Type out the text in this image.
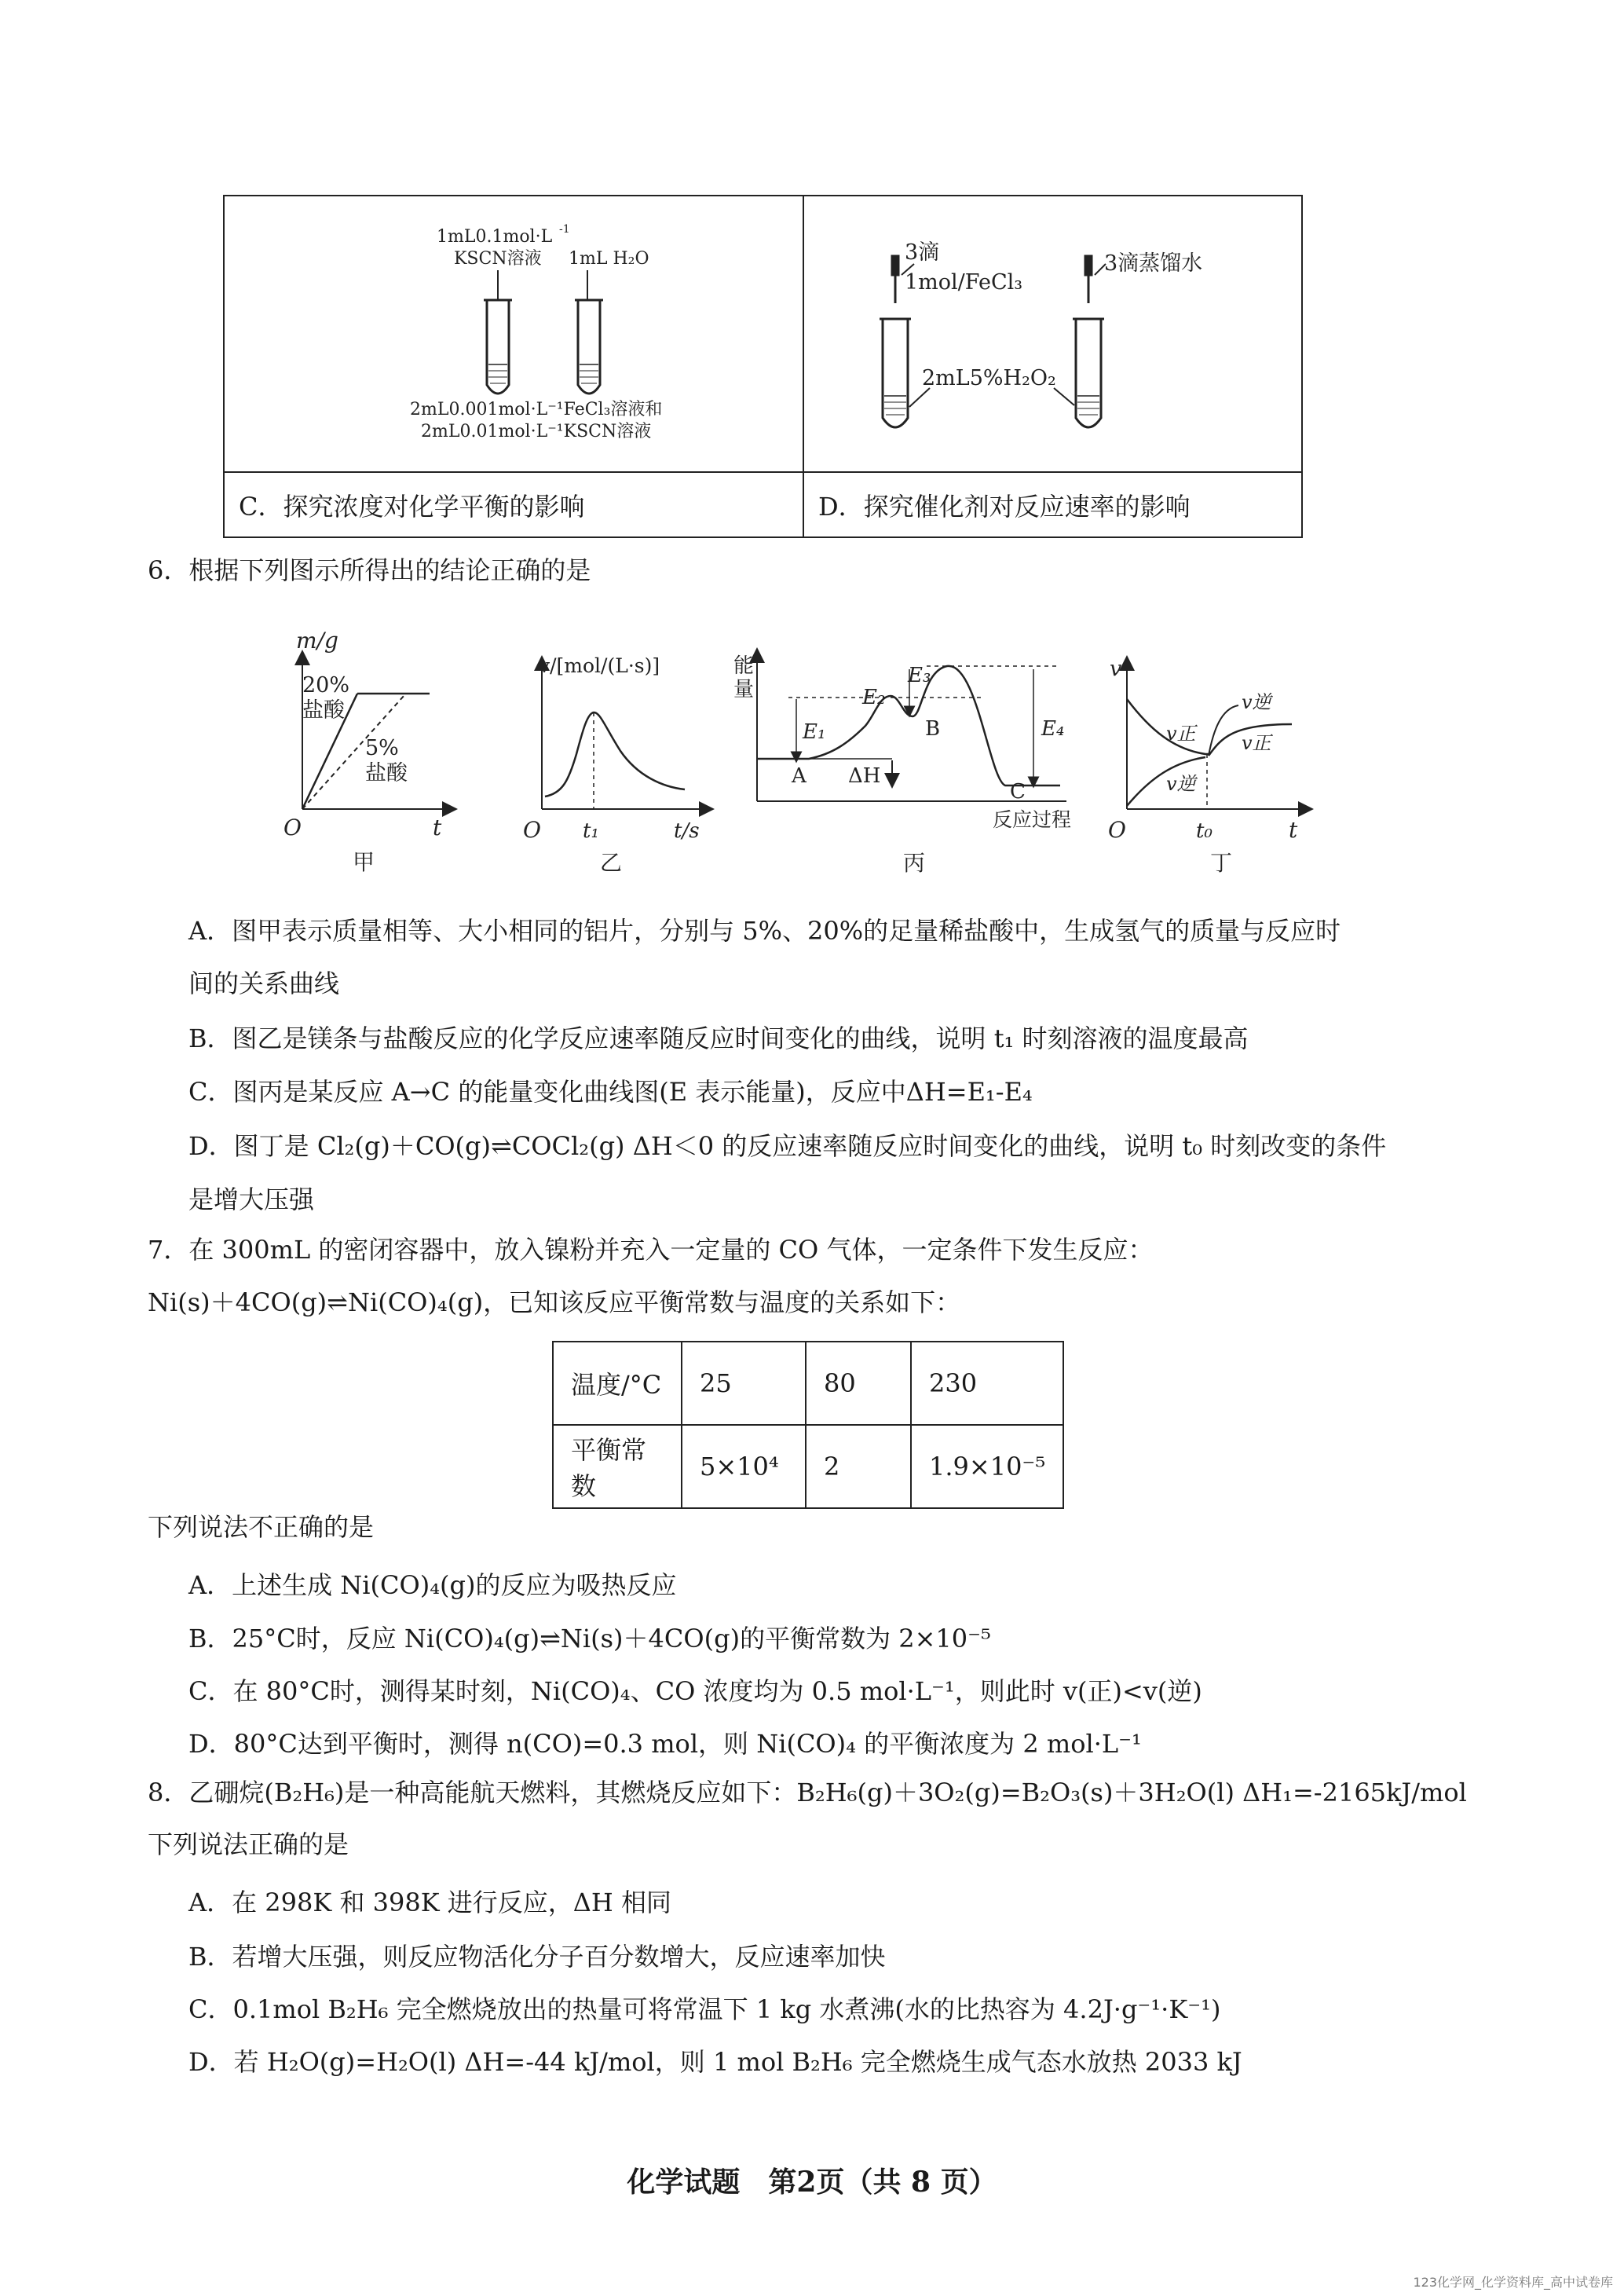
1mL0.1mol·L -1
KSCN溶液 1mL H₂O
2mL0.001mol·L⁻¹FeCl₃溶液和
2mL0.01mol·L⁻¹KSCN溶液
3滴
1mol/FeCl₃
3滴蒸馏水
2mL5%H₂O₂
C．探究浓度对化学平衡的影响	D．探究催化剂对反应速率的影响
6．根据下列图示所得出的结论正确的是
m/g
20%
盐酸
5%
盐酸
O	t
甲
v/[mol/(L·s)]
O t₁	t/s
乙
能
量
E₁
E₂
E₃
E₄
A
B
C
ΔH
反应过程
丙
v
v正
v逆
v逆
v正
O	t₀	t
丁
A．图甲表示质量相等、大小相同的铝片，分别与 5%、20%的足量稀盐酸中，生成氢气的质量与反应时
间的关系曲线
B．图乙是镁条与盐酸反应的化学反应速率随反应时间变化的曲线，说明 t₁ 时刻溶液的温度最高
C．图丙是某反应 A→C 的能量变化曲线图(E 表示能量)，反应中ΔH=E₁-E₄
D．图丁是 Cl₂(g)＋CO(g)⇌COCl₂(g) ΔH＜0 的反应速率随反应时间变化的曲线，说明 t₀ 时刻改变的条件
是增大压强
7．在 300mL 的密闭容器中，放入镍粉并充入一定量的 CO 气体，一定条件下发生反应：
Ni(s)＋4CO(g)⇌Ni(CO)₄(g)，已知该反应平衡常数与温度的关系如下：
温度/°C	25	80	230
平衡常数	5×10⁴	2	1.9×10⁻⁵
下列说法不正确的是
A．上述生成 Ni(CO)₄(g)的反应为吸热反应
B．25°C时，反应 Ni(CO)₄(g)⇌Ni(s)＋4CO(g)的平衡常数为 2×10⁻⁵
C．在 80°C时，测得某时刻，Ni(CO)₄、CO 浓度均为 0.5 mol·L⁻¹，则此时 v(正)<v(逆)
D．80°C达到平衡时，测得 n(CO)=0.3 mol，则 Ni(CO)₄ 的平衡浓度为 2 mol·L⁻¹
8．乙硼烷(B₂H₆)是一种高能航天燃料，其燃烧反应如下：B₂H₆(g)＋3O₂(g)=B₂O₃(s)＋3H₂O(l) ΔH₁=-2165kJ/mol
下列说法正确的是
A．在 298K 和 398K 进行反应，ΔH 相同
B．若增大压强，则反应物活化分子百分数增大，反应速率加快
C．0.1mol B₂H₆ 完全燃烧放出的热量可将常温下 1 kg 水煮沸(水的比热容为 4.2J·g⁻¹·K⁻¹)
D．若 H₂O(g)=H₂O(l) ΔH=-44 kJ/mol，则 1 mol B₂H₆ 完全燃烧生成气态水放热 2033 kJ
化学试题　第2页（共 8 页）
123化学网_化学资料库_高中试卷库
